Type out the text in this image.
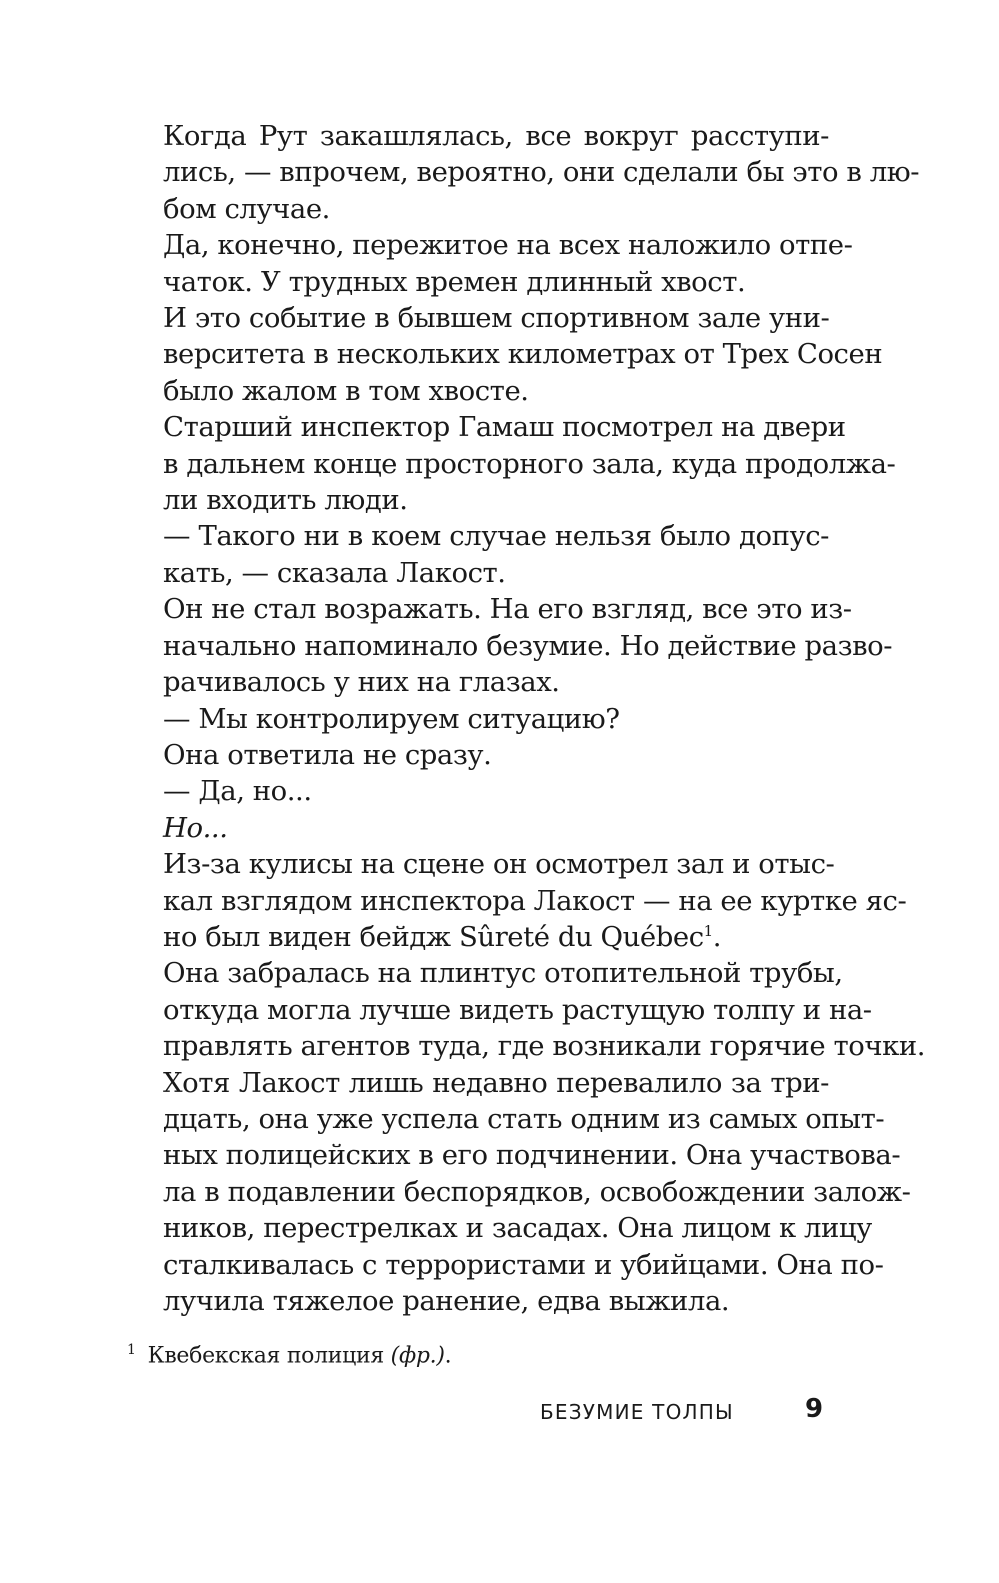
Когда Рут закашлялась, все вокруг расступи-
лись, — впрочем, вероятно, они сделали бы это в лю-
бом случае.
Да, конечно, пережитое на всех наложило отпе-
чаток. У трудных времен длинный хвост.
И это событие в бывшем спортивном зале уни-
верситета в нескольких километрах от Трех Сосен
было жалом в том хвосте.
Старший инспектор Гамаш посмотрел на двери
в дальнем конце просторного зала, куда продолжа-
ли входить люди.
— Такого ни в коем случае нельзя было допус-
кать, — сказала Лакост.
Он не стал возражать. На его взгляд, все это из-
начально напоминало безумие. Но действие разво-
рачивалось у них на глазах.
— Мы контролируем ситуацию?
Она ответила не сразу.
— Да, но...
Но...
Из-за кулисы на сцене он осмотрел зал и отыс-
кал взглядом инспектора Лакост — на ее куртке яс-
но был виден бейдж Sûreté du Québec$^1$.
Она забралась на плинтус отопительной трубы,
откуда могла лучше видеть растущую толпу и на-
правлять агентов туда, где возникали горячие точки.
Хотя Лакост лишь недавно перевалило за три-
дцать, она уже успела стать одним из самых опыт-
ных полицейских в его подчинении. Она участвова-
ла в подавлении беспорядков, освобождении залож-
ников, перестрелках и засадах. Она лицом к лицу
сталкивалась с террористами и убийцами. Она по-
лучила тяжелое ранение, едва выжила.
$^1$ Квебекская полиция (фр.).
БЕЗУМИЕ ТОЛПЫ	9
